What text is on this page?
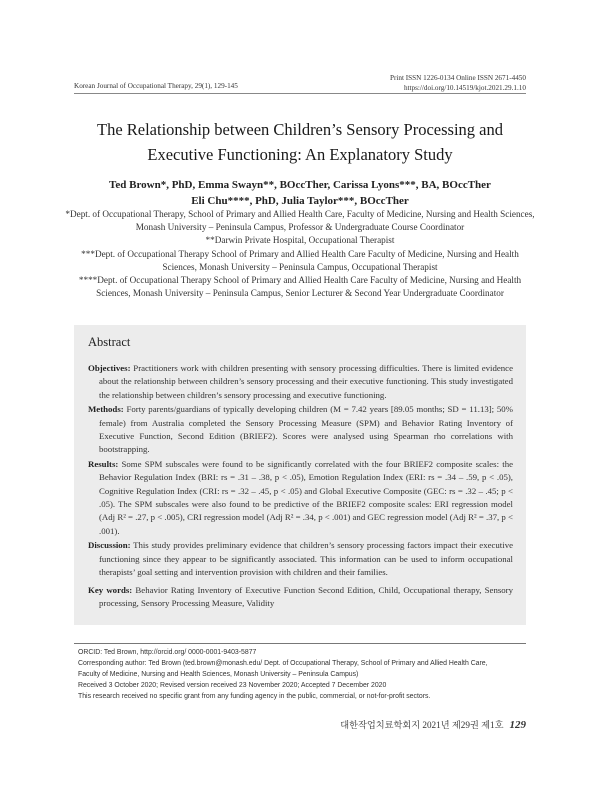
Korean Journal of Occupational Therapy, 29(1), 129-145
Print ISSN 1226-0134 Online ISSN 2671-4450
https://doi.org/10.14519/kjot.2021.29.1.10
The Relationship between Children’s Sensory Processing and
Executive Functioning: An Explanatory Study
Ted Brown*, PhD, Emma Swayn**, BOccTher, Carissa Lyons***, BA, BOccTher
Eli Chu****, PhD, Julia Taylor***, BOccTher
*Dept. of Occupational Therapy, School of Primary and Allied Health Care, Faculty of Medicine, Nursing and Health Sciences, Monash University – Peninsula Campus, Professor & Undergraduate Course Coordinator
**Darwin Private Hospital, Occupational Therapist
***Dept. of Occupational Therapy School of Primary and Allied Health Care Faculty of Medicine, Nursing and Health Sciences, Monash University – Peninsula Campus, Occupational Therapist
****Dept. of Occupational Therapy School of Primary and Allied Health Care Faculty of Medicine, Nursing and Health Sciences, Monash University – Peninsula Campus, Senior Lecturer & Second Year Undergraduate Coordinator
Abstract

Objectives: Practitioners work with children presenting with sensory processing difficulties. There is limited evidence about the relationship between children’s sensory processing and their executive functioning. This study investigated the relationship between children’s sensory processing and executive functioning.

Methods: Forty parents/guardians of typically developing children (M = 7.42 years [89.05 months; SD = 11.13]; 50% female) from Australia completed the Sensory Processing Measure (SPM) and Behavior Rating Inventory of Executive Function, Second Edition (BRIEF2). Scores were analysed using Spearman rho correlations with bootstrapping.

Results: Some SPM subscales were found to be significantly correlated with the four BRIEF2 composite scales: the Behavior Regulation Index (BRI: rs = .31 – .38, p < .05), Emotion Regulation Index (ERI: rs = .34 – .59, p < .05), Cognitive Regulation Index (CRI: rs = .32 – .45, p < .05) and Global Executive Composite (GEC: rs = .32 – .45; p < .05). The SPM subscales were also found to be predictive of the BRIEF2 composite scales: ERI regression model (Adj R² = .27, p < .005), CRI regression model (Adj R² = .34, p < .001) and GEC regression model (Adj R² = .37, p < .001).

Discussion: This study provides preliminary evidence that children’s sensory processing factors impact their executive functioning since they appear to be significantly associated. This information can be used to inform occupational therapists’ goal setting and intervention provision with children and their families.

Key words: Behavior Rating Inventory of Executive Function Second Edition, Child, Occupational therapy, Sensory processing, Sensory Processing Measure, Validity

ORCID: Ted Brown, http://orcid.org/ 0000-0001-9403-5877
Corresponding author: Ted Brown (ted.brown@monash.edu/ Dept. of Occupational Therapy, School of Primary and Allied Health Care,
Faculty of Medicine, Nursing and Health Sciences, Monash University – Peninsula Campus)
Received 3 October 2020; Revised version received 23 November 2020; Accepted 7 December 2020
This research received no specific grant from any funding agency in the public, commercial, or not-for-profit sectors.
대한작업치료학회지 2021년 제29권 제1호 129
